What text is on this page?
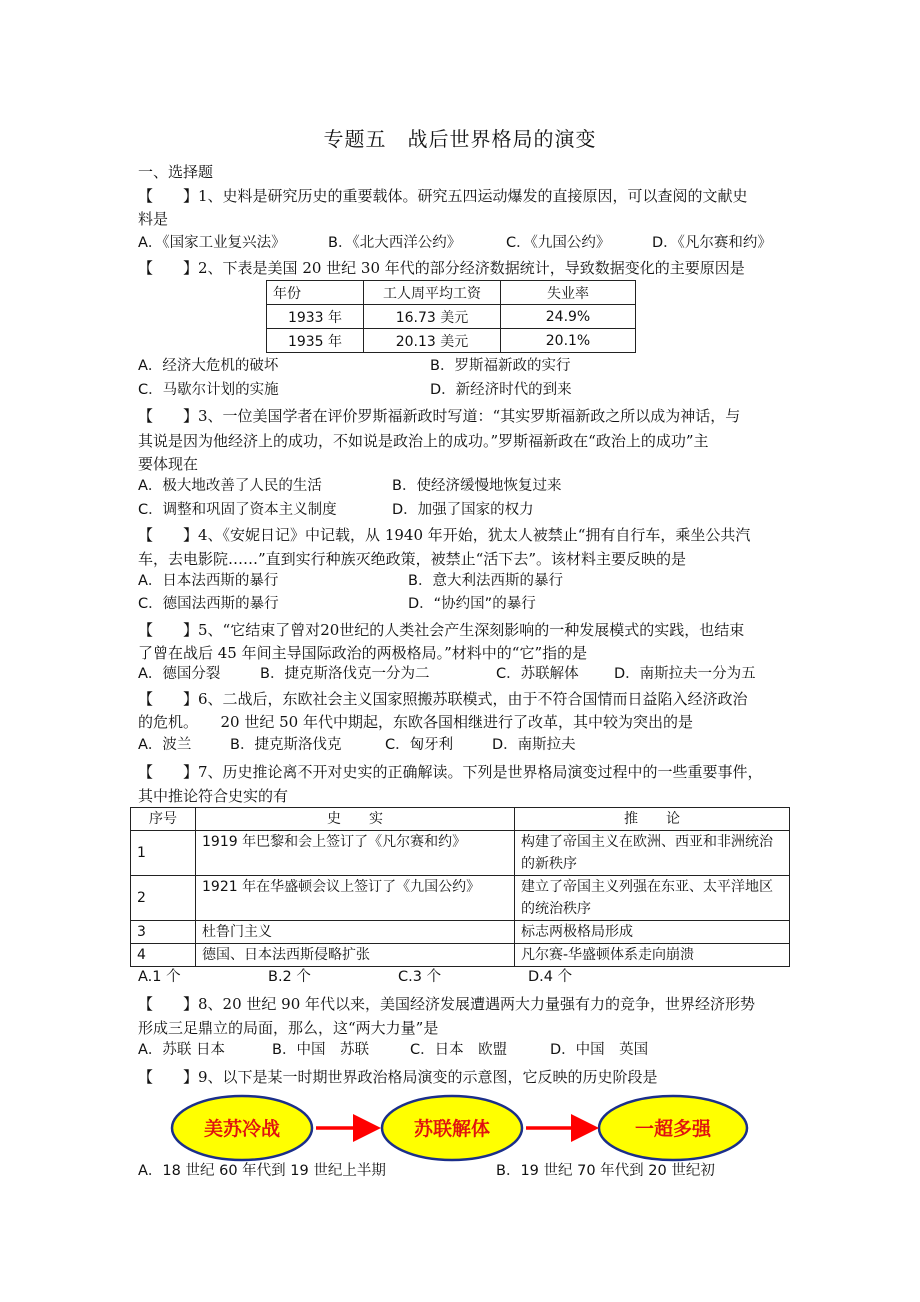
专题五　战后世界格局的演变
一、选择题
【　　】1、史料是研究历史的重要载体。研究五四运动爆发的直接原因，可以查阅的文献史
料是
A．《国家工业复兴法》	B．《北大西洋公约》	C．《九国公约》	D．《凡尔赛和约》
【　　】2、下表是美国 20 世纪 30 年代的部分经济数据统计，导致数据变化的主要原因是
年份	工人周平均工资	失业率
1933 年	16.73 美元	24.9%
1935 年	20.13 美元	20.1%
A．经济大危机的破坏	B．罗斯福新政的实行
C．马歇尔计划的实施	D．新经济时代的到来
【　　】3、一位美国学者在评价罗斯福新政时写道：“其实罗斯福新政之所以成为神话，与
其说是因为他经济上的成功，不如说是政治上的成功。”罗斯福新政在“政治上的成功”主
要体现在
A．极大地改善了人民的生活	B．使经济缓慢地恢复过来
C．调整和巩固了资本主义制度	D．加强了国家的权力
【　　】4、《安妮日记》中记载，从 1940 年开始，犹太人被禁止“拥有自行车，乘坐公共汽
车，去电影院……”直到实行种族灭绝政策，被禁止“活下去”。该材料主要反映的是
A．日本法西斯的暴行	B．意大利法西斯的暴行
C．德国法西斯的暴行	D．“协约国”的暴行
【　　】5、“它结束了曾对20世纪的人类社会产生深刻影响的一种发展模式的实践，也结束
了曾在战后 45 年间主导国际政治的两极格局。”材料中的“它”指的是
A．德国分裂	B．捷克斯洛伐克一分为二	C．苏联解体 D．南斯拉夫一分为五
【　　】6、二战后，东欧社会主义国家照搬苏联模式，由于不符合国情而日益陷入经济政治
的危机。　　20 世纪 50 年代中期起，东欧各国相继进行了改革，其中较为突出的是
A．波兰	B．捷克斯洛伐克	C．匈牙利	D．南斯拉夫
【　　】7、历史推论离不开对史实的正确解读。下列是世界格局演变过程中的一些重要事件，
其中推论符合史实的有
序号	史　　实	推　　论
1	1919 年巴黎和会上签订了《凡尔赛和约》	构建了帝国主义在欧洲、西亚和非洲统治的新秩序
2	1921 年在华盛顿会议上签订了《九国公约》	建立了帝国主义列强在东亚、太平洋地区的统治秩序
3	杜鲁门主义	标志两极格局形成
4	德国、日本法西斯侵略扩张	凡尔赛-华盛顿体系走向崩溃
A.1 个	B.2 个	C.3 个	D.4 个
【　　】8、20 世纪 90 年代以来，美国经济发展遭遇两大力量强有力的竞争，世界经济形势
形成三足鼎立的局面，那么，这“两大力量”是
A．苏联 日本	B．中国　苏联	C．日本　欧盟	D．中国　英国
【　　】9、以下是某一时期世界政治格局演变的示意图，它反映的历史阶段是
美苏冷战	苏联解体	一超多强
A．18 世纪 60 年代到 19 世纪上半期	B．19 世纪 70 年代到 20 世纪初
